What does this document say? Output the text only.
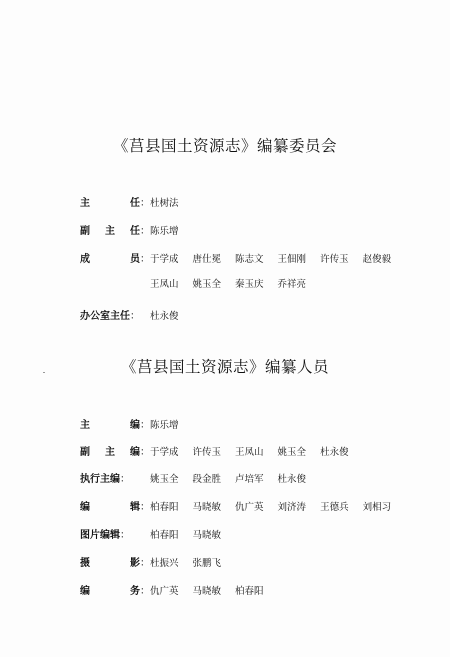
《莒县国土资源志》编纂委员会
主	任： 杜树法
副 主 任： 陈乐增
成	员： 于学成 唐仕冕 陈志文 王佃刚 许传玉 赵俊毅
王凤山 姚玉全 秦玉庆 乔祥亮
办公室主任： 杜永俊
《莒县国土资源志》编纂人员
主	编： 陈乐增
副 主 编： 于学成 许传玉 王凤山 姚玉全 杜永俊
执行主编： 姚玉全 段金胜 卢培军 杜永俊
编	辑： 柏春阳 马晓敏 仇广英 刘济涛 王德兵 刘相习
图片编辑： 柏春阳 马晓敏
摄	影： 杜振兴 张鹏飞
编	务： 仇广英 马晓敏 柏春阳
